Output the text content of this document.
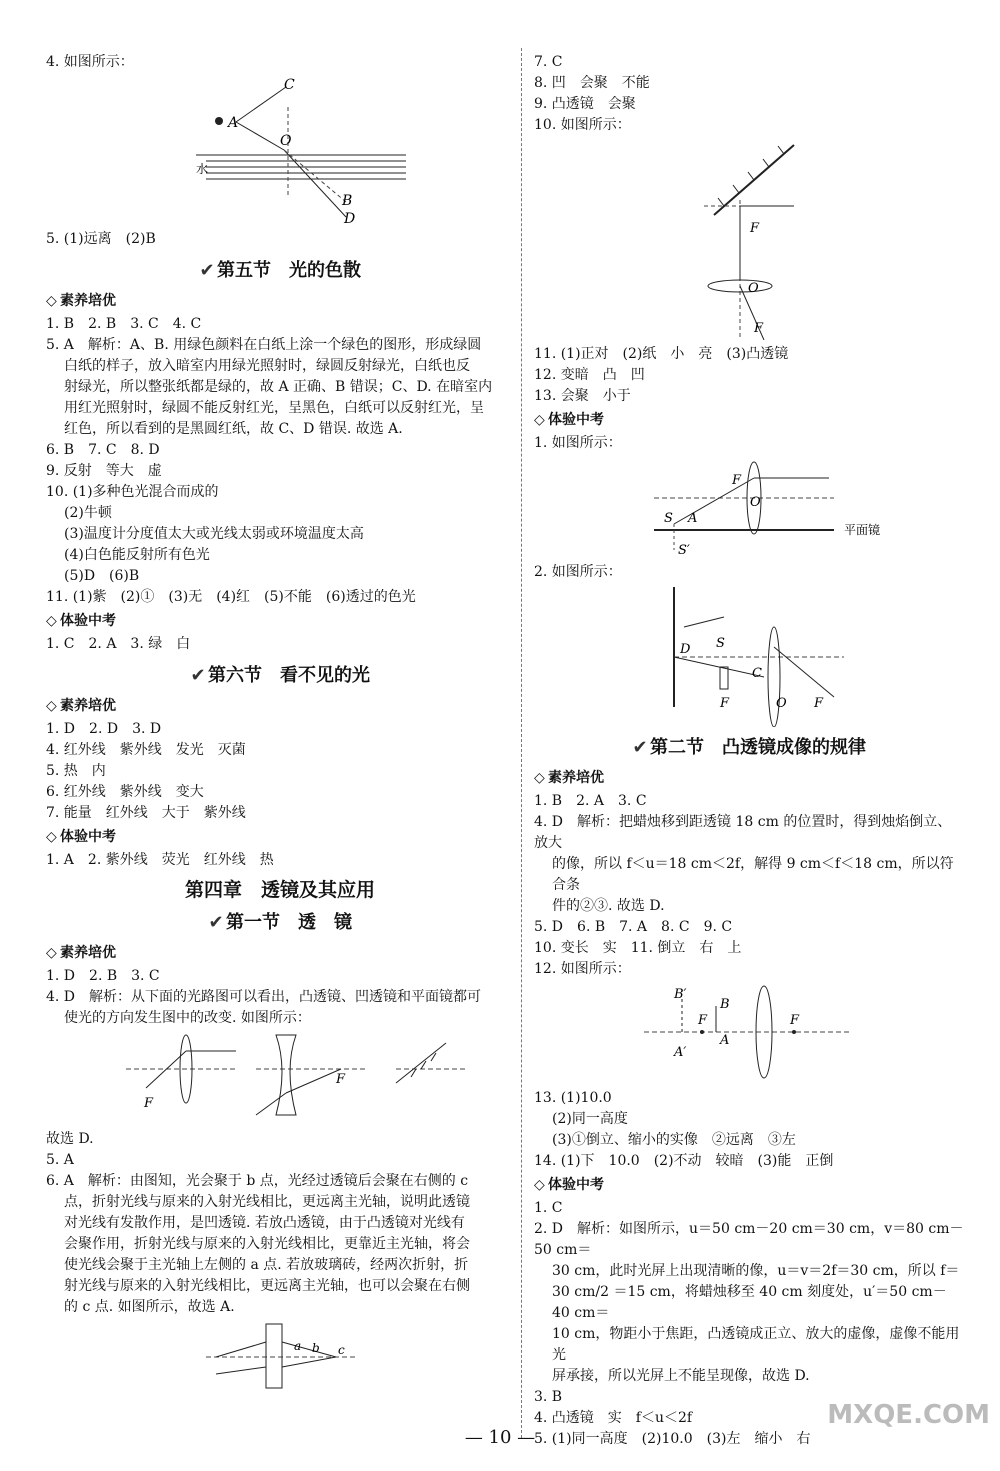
4. 如图所示：

C
A
O
B
D
水

5. (1)远离　(2)B

✔ 第五节　光的色散
◇ 素养培优

1. B　2. B　3. C　4. C

5. A　解析：A、B. 用绿色颜料在白纸上涂一个绿色的图形，形成绿圆

白纸的样子，放入暗室内用绿光照射时，绿圆反射绿光，白纸也反

射绿光，所以整张纸都是绿的，故 A 正确、B 错误；C、D. 在暗室内

用红光照射时，绿圆不能反射红光，呈黑色，白纸可以反射红光，呈

红色，所以看到的是黑圆红纸，故 C、D 错误. 故选 A.

6. B　7. C　8. D

9. 反射　等大　虚

10. (1)多种色光混合而成的

(2)牛顿

(3)温度计分度值太大或光线太弱或环境温度太高

(4)白色能反射所有色光

(5)D　(6)B

11. (1)紫　(2)①　(3)无　(4)红　(5)不能　(6)透过的色光

◇ 体验中考

1. C　2. A　3. 绿　白

✔ 第六节　看不见的光
◇ 素养培优

1. D　2. D　3. D

4. 红外线　紫外线　发光　灭菌

5. 热　内

6. 红外线　紫外线　变大

7. 能量　红外线　大于　紫外线

◇ 体验中考

1. A　2. 紫外线　荧光　红外线　热

第四章　透镜及其应用
✔ 第一节　透　镜
◇ 素养培优

1. D　2. B　3. C

4. D　解析：从下面的光路图可以看出，凸透镜、凹透镜和平面镜都可

使光的方向发生图中的改变. 如图所示：

F
F

故选 D.

5. A

6. A　解析：由图知，光会聚于 b 点，光经过透镜后会聚在右侧的 c

点，折射光线与原来的入射光线相比，更远离主光轴，说明此透镜

对光线有发散作用，是凹透镜. 若放凸透镜，由于凸透镜对光线有

会聚作用，折射光线与原来的入射光线相比，更靠近主光轴，将会

使光线会聚于主光轴上左侧的 a 点. 若放玻璃砖，经两次折射，折

射光线与原来的入射光线相比，更远离主光轴，也可以会聚在右侧

的 c 点. 如图所示，故选 A.

a b c

7. C

8. 凹　会聚　不能

9. 凸透镜　会聚

10. 如图所示：

O
F
F

11. (1)正对　(2)纸　小　亮　(3)凸透镜

12. 变暗　凸　凹

13. 会聚　小于

◇ 体验中考

1. 如图所示：

S A
F
O
S′
平面镜

2. 如图所示：

D S
C
F	O F
✔ 第二节　凸透镜成像的规律
◇ 素养培优

1. B　2. A　3. C

4. D　解析：把蜡烛移到距透镜 18 cm 的位置时，得到烛焰倒立、放大

的像，所以 f＜u＝18 cm＜2f，解得 9 cm＜f＜18 cm，所以符合条

件的②③. 故选 D.

5. D　6. B　7. A　8. C　9. C

10. 变长　实　11. 倒立　右　上

12. 如图所示：

B′
B
A
A′
F	F

13. (1)10.0

(2)同一高度

(3)①倒立、缩小的实像　②远离　③左

14. (1)下　10.0　(2)不动　较暗　(3)能　正倒

◇ 体验中考

1. C

2. D　解析：如图所示，u＝50 cm－20 cm＝30 cm，v＝80 cm－50 cm＝

30 cm，此时光屏上出现清晰的像，u＝v＝2f＝30 cm，所以 f＝

30 cm/2 ＝15 cm，将蜡烛移至 40 cm 刻度处，u′＝50 cm－40 cm＝

10 cm，物距小于焦距，凸透镜成正立、放大的虚像，虚像不能用光

屏承接，所以光屏上不能呈现像，故选 D.

3. B

4. 凸透镜　实　f＜u＜2f

5. (1)同一高度　(2)10.0　(3)左　缩小　右

— 10 —
MXQE.COM
